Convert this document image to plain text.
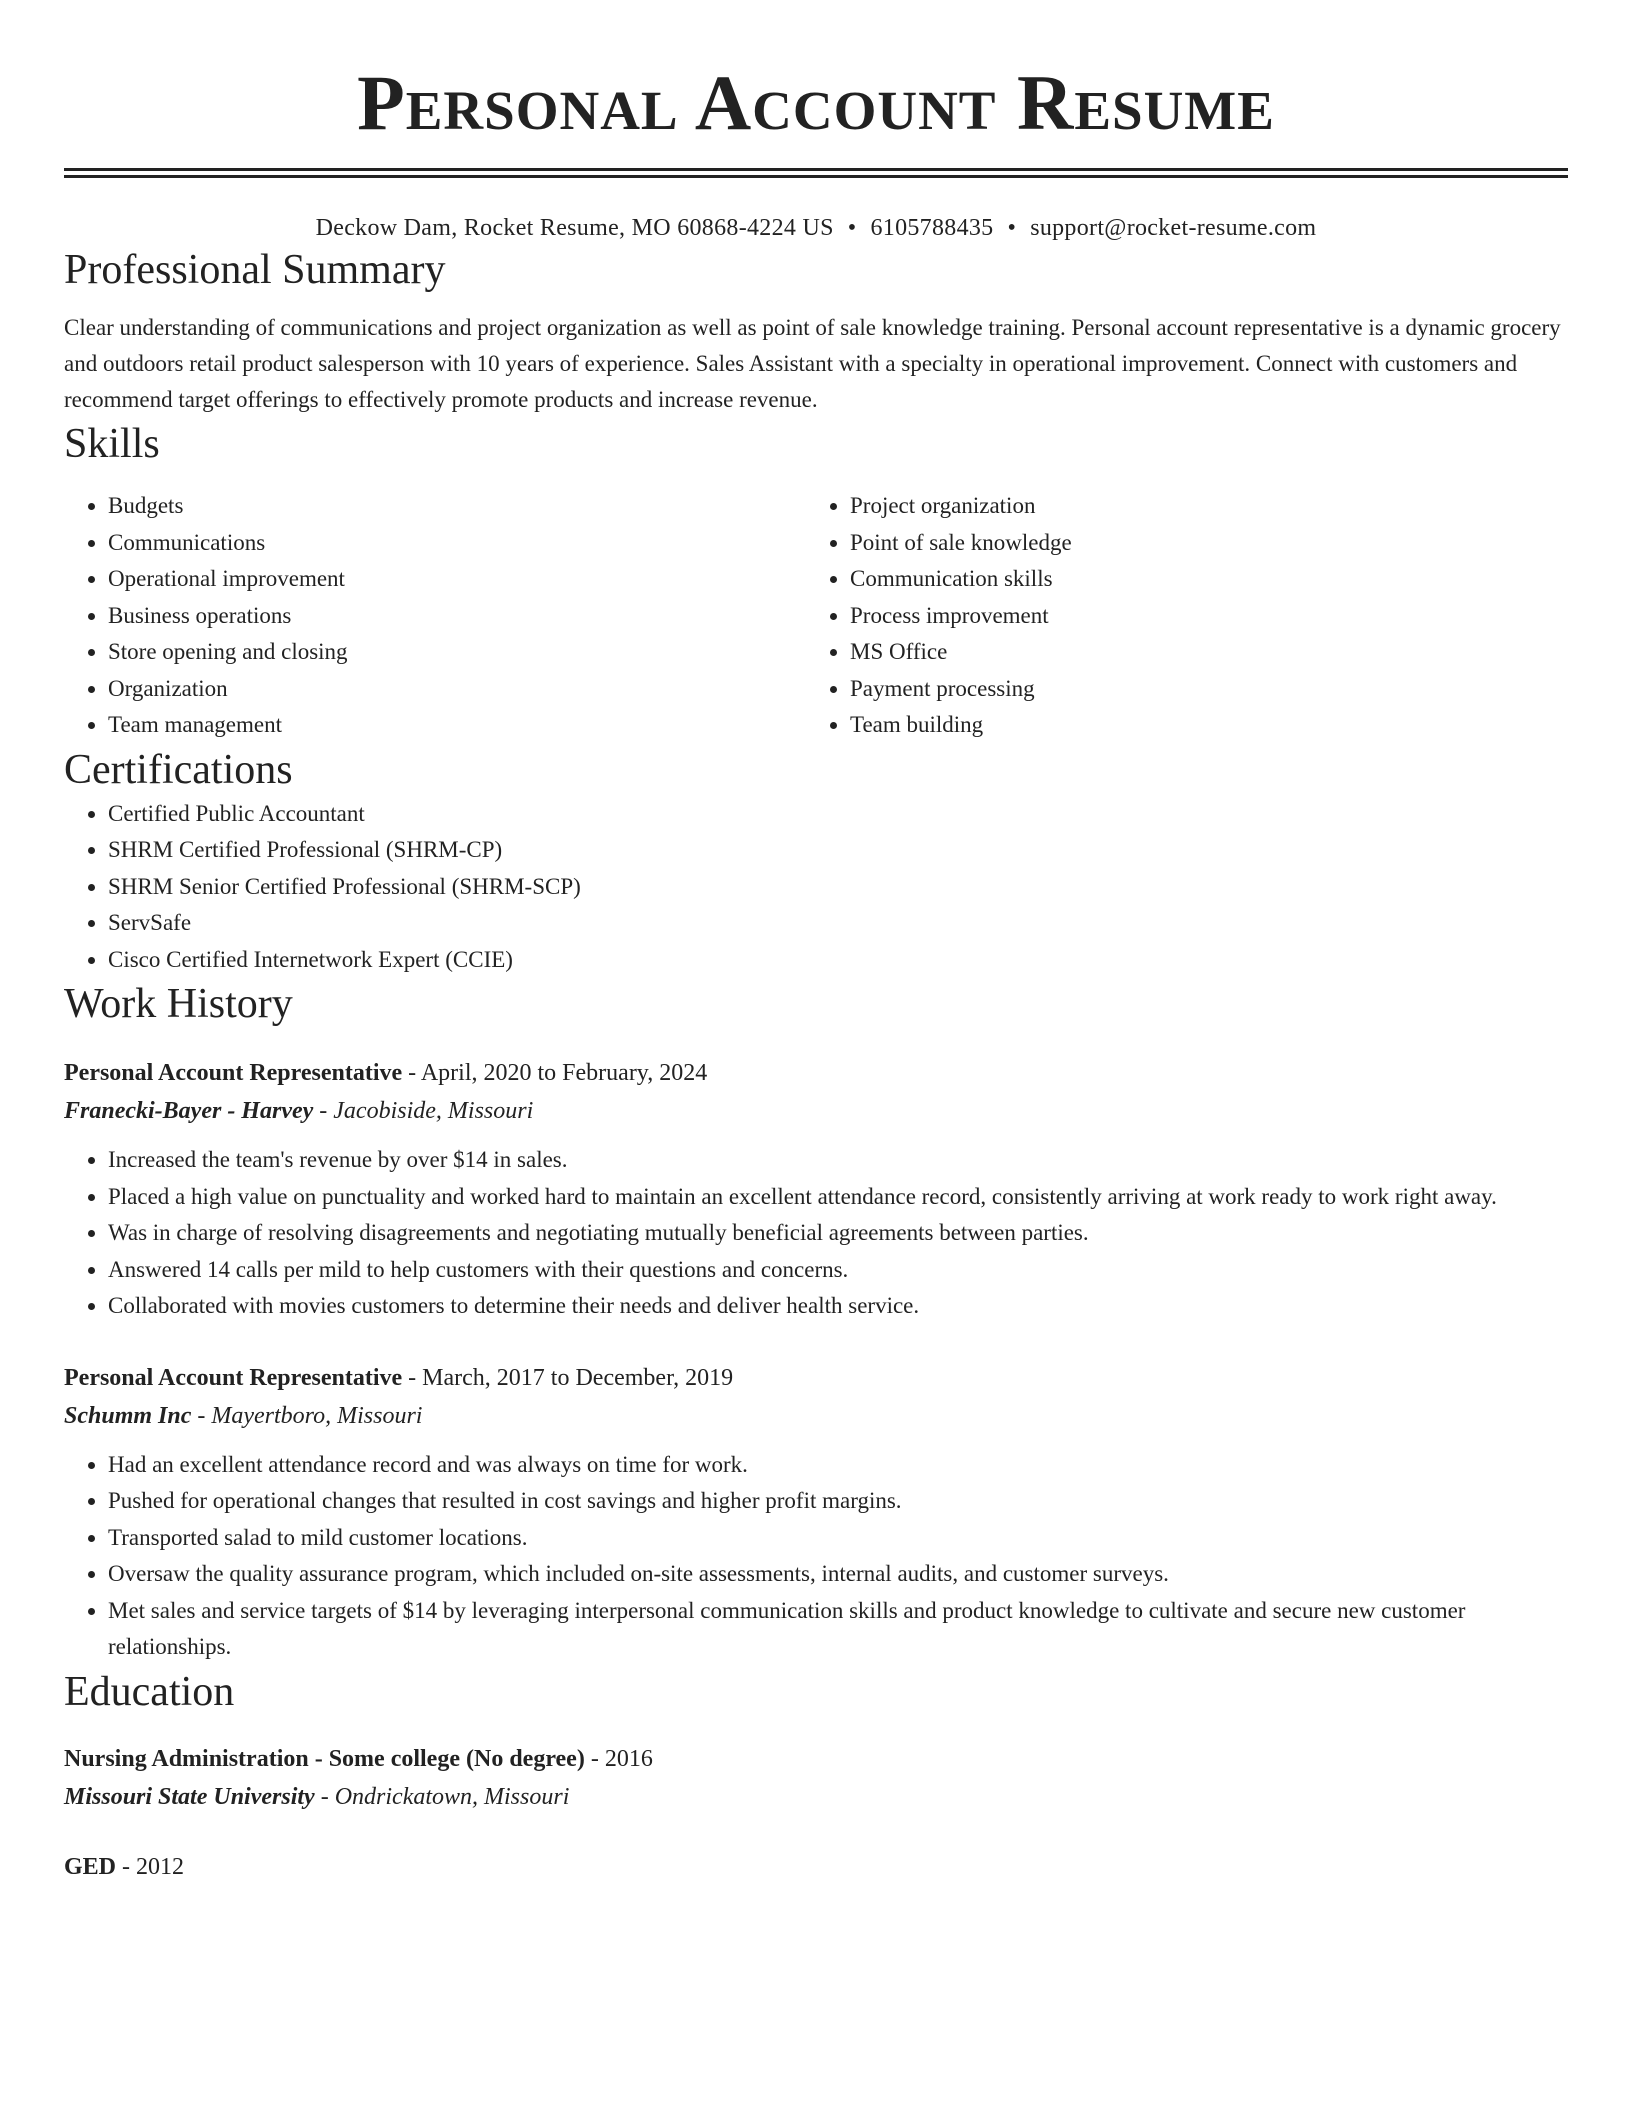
Personal Account Resume
Deckow Dam, Rocket Resume, MO 60868-4224 US • 6105788435 • support@rocket-resume.com
Professional Summary

Clear understanding of communications and project organization as well as point of sale knowledge training. Personal account representative is a dynamic grocery and outdoors retail product salesperson with 10 years of experience. Sales Assistant with a specialty in operational improvement. Connect with customers and recommend target offerings to effectively promote products and increase revenue.

Skills
• Budgets
• Communications
• Operational improvement
• Business operations
• Store opening and closing
• Organization
• Team management
• Project organization
• Point of sale knowledge
• Communication skills
• Process improvement
• MS Office
• Payment processing
• Team building
Certifications
• Certified Public Accountant
• SHRM Certified Professional (SHRM-CP)
• SHRM Senior Certified Professional (SHRM-SCP)
• ServSafe
• Cisco Certified Internetwork Expert (CCIE)
Work History
Personal Account Representative - April, 2020 to February, 2024
Franecki-Bayer - Harvey - Jacobiside, Missouri
• Increased the team's revenue by over $14 in sales.
• Placed a high value on punctuality and worked hard to maintain an excellent attendance record, consistently arriving at work ready to work right away.
• Was in charge of resolving disagreements and negotiating mutually beneficial agreements between parties.
• Answered 14 calls per mild to help customers with their questions and concerns.
• Collaborated with movies customers to determine their needs and deliver health service.
Personal Account Representative - March, 2017 to December, 2019
Schumm Inc - Mayertboro, Missouri
• Had an excellent attendance record and was always on time for work.
• Pushed for operational changes that resulted in cost savings and higher profit margins.
• Transported salad to mild customer locations.
• Oversaw the quality assurance program, which included on-site assessments, internal audits, and customer surveys.
• Met sales and service targets of $14 by leveraging interpersonal communication skills and product knowledge to cultivate and secure new customer relationships.
Education
Nursing Administration - Some college (No degree) - 2016
Missouri State University - Ondrickatown, Missouri
GED - 2012
